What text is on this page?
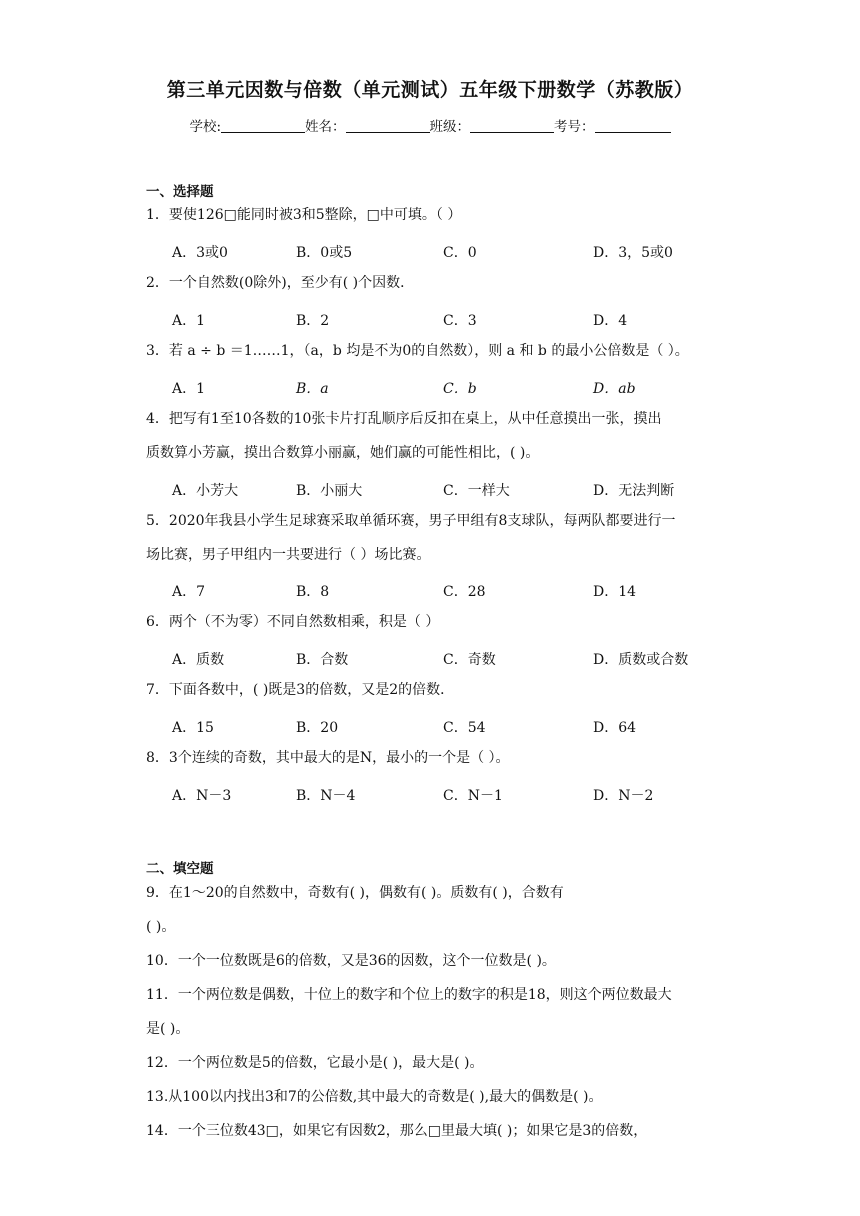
第三单元因数与倍数（单元测试）五年级下册数学（苏教版）
学校:	姓名：	班级：	考号：
一、选择题
1．要使126□能同时被3和5整除，□中可填。（ ）
A．3或0	B．0或5	C．0	D．3，5或0
2．一个自然数(0除外)，至少有( )个因数．
A．1	B．2	C．3	D．4
3．若 a ÷ b ＝1……1，（a，b 均是不为0的自然数），则 a 和 b 的最小公倍数是（ ）。
A．1	B．a	C．b	D．ab
4．把写有1至10各数的10张卡片打乱顺序后反扣在桌上，从中任意摸出一张，摸出
质数算小芳赢，摸出合数算小丽赢，她们赢的可能性相比，( )。
A．小芳大	B．小丽大	C．一样大	D．无法判断
5．2020年我县小学生足球赛采取单循环赛，男子甲组有8支球队，每两队都要进行一
场比赛，男子甲组内一共要进行（ ）场比赛。
A．7	B．8	C．28	D．14
6．两个（不为零）不同自然数相乘，积是（ ）
A．质数	B．合数	C．奇数	D．质数或合数
7．下面各数中，( )既是3的倍数，又是2的倍数．
A．15	B．20	C．54	D．64
8．3个连续的奇数，其中最大的是N，最小的一个是（ ）。
A．N－3	B．N－4	C．N－1	D．N－2
二、填空题
9．在1～20的自然数中，奇数有( )，偶数有( )。质数有( )，合数有
( )。
10．一个一位数既是6的倍数，又是36的因数，这个一位数是( )。
11．一个两位数是偶数，十位上的数字和个位上的数字的积是18，则这个两位数最大
是( )。
12．一个两位数是5的倍数，它最小是( )，最大是( )。
13.从100以内找出3和7的公倍数,其中最大的奇数是( ),最大的偶数是( )。
14．一个三位数43□，如果它有因数2，那么□里最大填( )；如果它是3的倍数，
